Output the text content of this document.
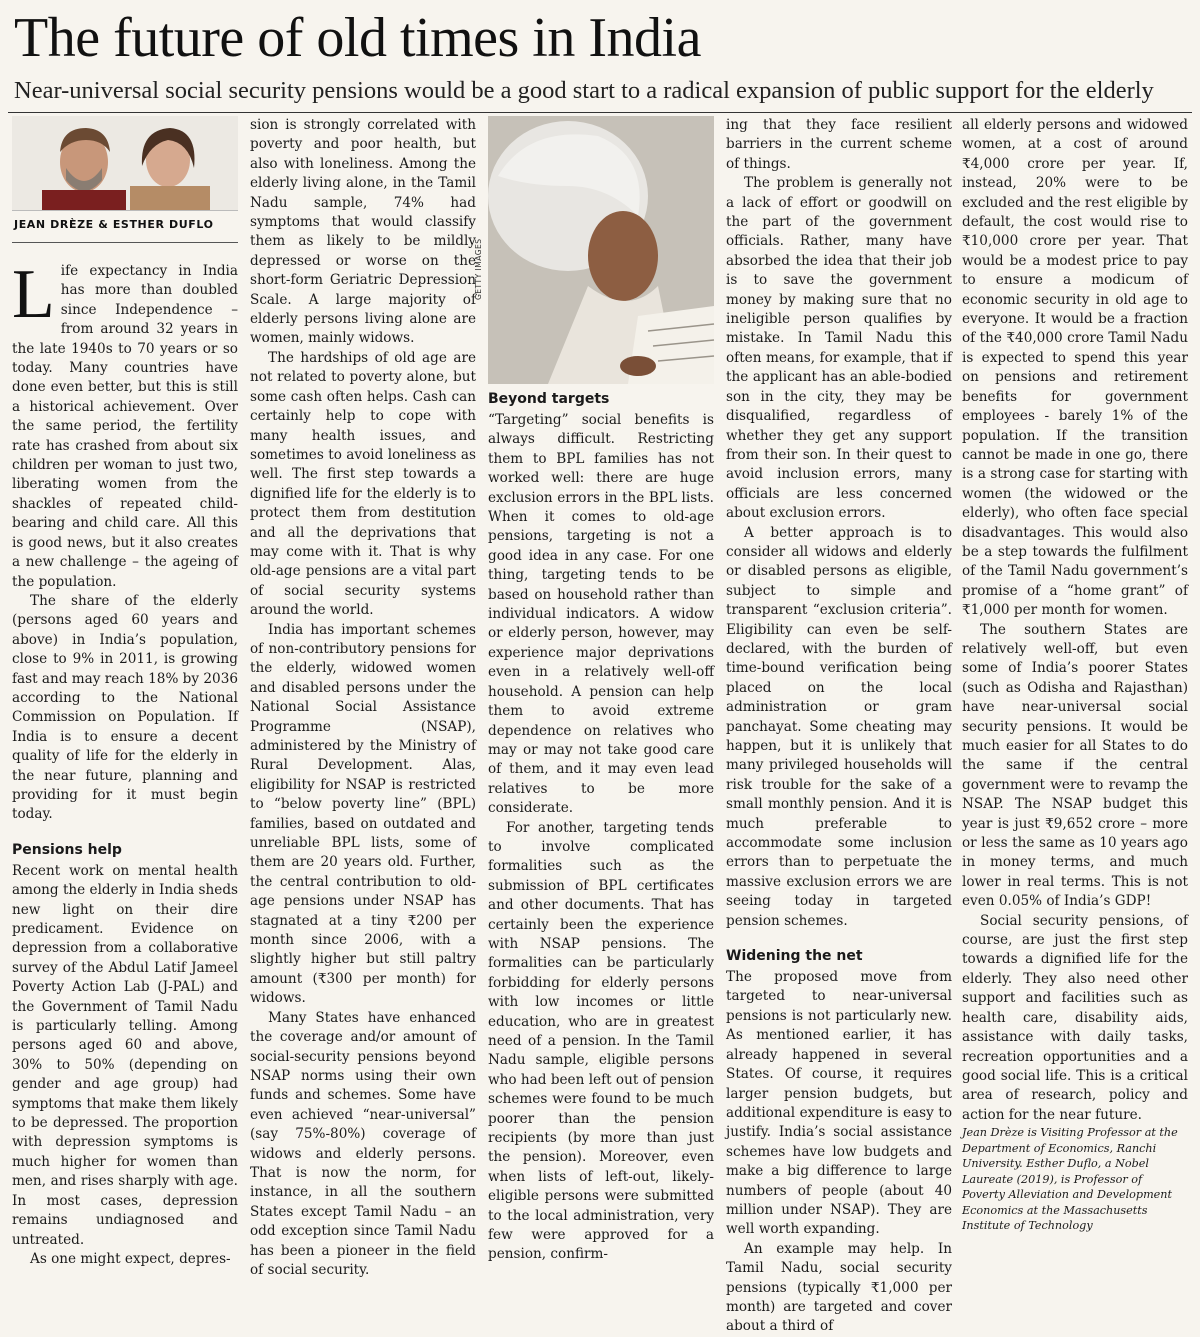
The future of old times in India

Near-universal social security pensions would be a good start to a radical expansion of public support for the elderly

JEAN DRÈZE & ESTHER DUFLO
GETTY IMAGES

Life expectancy in India has more than doubled since Independence – from around 32 years in the late 1940s to 70 years or so today. Many countries have done even better, but this is still a historical achievement. Over the same period, the fertility rate has crashed from about six children per woman to just two, liberating women from the shackles of repeated child-bearing and child care. All this is good news, but it also creates a new challenge – the ageing of the population.

The share of the elderly (persons aged 60 years and above) in India’s population, close to 9% in 2011, is growing fast and may reach 18% by 2036 according to the National Commission on Population. If India is to ensure a decent quality of life for the elderly in the near future, planning and providing for it must begin today.

Pensions help

Recent work on mental health among the elderly in India sheds new light on their dire predicament. Evidence on depression from a collaborative survey of the Abdul Latif Jameel Poverty Action Lab (J-PAL) and the Government of Tamil Nadu is particularly telling. Among persons aged 60 and above, 30% to 50% (depending on gender and age group) had symptoms that make them likely to be depressed. The proportion with depression symptoms is much higher for women than men, and rises sharply with age. In most cases, depression remains undiagnosed and untreated.

As one might expect, depres-

sion is strongly correlated with poverty and poor health, but also with loneliness. Among the elderly living alone, in the Tamil Nadu sample, 74% had symptoms that would classify them as likely to be mildly depressed or worse on the short-form Geriatric Depression Scale. A large majority of elderly persons living alone are women, mainly widows.

The hardships of old age are not related to poverty alone, but some cash often helps. Cash can certainly help to cope with many health issues, and sometimes to avoid loneliness as well. The first step towards a dignified life for the elderly is to protect them from destitution and all the deprivations that may come with it. That is why old-age pensions are a vital part of social security systems around the world.

India has important schemes of non-contributory pensions for the elderly, widowed women and disabled persons under the National Social Assistance Programme (NSAP), administered by the Ministry of Rural Development. Alas, eligibility for NSAP is restricted to “below poverty line” (BPL) families, based on outdated and unreliable BPL lists, some of them are 20 years old. Further, the central contribution to old-age pensions under NSAP has stagnated at a tiny ₹200 per month since 2006, with a slightly higher but still paltry amount (₹300 per month) for widows.

Many States have enhanced the coverage and/or amount of social-security pensions beyond NSAP norms using their own funds and schemes. Some have even achieved “near-universal” (say 75%-80%) coverage of widows and elderly persons. That is now the norm, for instance, in all the southern States except Tamil Nadu – an odd exception since Tamil Nadu has been a pioneer in the field of social security.

Beyond targets

“Targeting” social benefits is always difficult. Restricting them to BPL families has not worked well: there are huge exclusion errors in the BPL lists. When it comes to old-age pensions, targeting is not a good idea in any case. For one thing, targeting tends to be based on household rather than individual indicators. A widow or elderly person, however, may experience major deprivations even in a relatively well-off household. A pension can help them to avoid extreme dependence on relatives who may or may not take good care of them, and it may even lead relatives to be more considerate.

For another, targeting tends to involve complicated formalities such as the submission of BPL certificates and other documents. That has certainly been the experience with NSAP pensions. The formalities can be particularly forbidding for elderly persons with low incomes or little education, who are in greatest need of a pension. In the Tamil Nadu sample, eligible persons who had been left out of pension schemes were found to be much poorer than the pension recipients (by more than just the pension). Moreover, even when lists of left-out, likely-eligible persons were submitted to the local administration, very few were approved for a pension, confirm-

ing that they face resilient barriers in the current scheme of things.

The problem is generally not a lack of effort or goodwill on the part of the government officials. Rather, many have absorbed the idea that their job is to save the government money by making sure that no ineligible person qualifies by mistake. In Tamil Nadu this often means, for example, that if the applicant has an able-bodied son in the city, they may be disqualified, regardless of whether they get any support from their son. In their quest to avoid inclusion errors, many officials are less concerned about exclusion errors.

A better approach is to consider all widows and elderly or disabled persons as eligible, subject to simple and transparent “exclusion criteria”. Eligibility can even be self-declared, with the burden of time-bound verification being placed on the local administration or gram panchayat. Some cheating may happen, but it is unlikely that many privileged households will risk trouble for the sake of a small monthly pension. And it is much preferable to accommodate some inclusion errors than to perpetuate the massive exclusion errors we are seeing today in targeted pension schemes.

Widening the net

The proposed move from targeted to near-universal pensions is not particularly new. As mentioned earlier, it has already happened in several States. Of course, it requires larger pension budgets, but additional expenditure is easy to justify. India’s social assistance schemes have low budgets and make a big difference to large numbers of people (about 40 million under NSAP). They are well worth expanding.

An example may help. In Tamil Nadu, social security pensions (typically ₹1,000 per month) are targeted and cover about a third of

all elderly persons and widowed women, at a cost of around ₹4,000 crore per year. If, instead, 20% were to be excluded and the rest eligible by default, the cost would rise to ₹10,000 crore per year. That would be a modest price to pay to ensure a modicum of economic security in old age to everyone. It would be a fraction of the ₹40,000 crore Tamil Nadu is expected to spend this year on pensions and retirement benefits for government employees - barely 1% of the population. If the transition cannot be made in one go, there is a strong case for starting with women (the widowed or the elderly), who often face special disadvantages. This would also be a step towards the fulfilment of the Tamil Nadu government’s promise of a “home grant” of ₹1,000 per month for women.

The southern States are relatively well-off, but even some of India’s poorer States (such as Odisha and Rajasthan) have near-universal social security pensions. It would be much easier for all States to do the same if the central government were to revamp the NSAP. The NSAP budget this year is just ₹9,652 crore – more or less the same as 10 years ago in money terms, and much lower in real terms. This is not even 0.05% of India’s GDP!

Social security pensions, of course, are just the first step towards a dignified life for the elderly. They also need other support and facilities such as health care, disability aids, assistance with daily tasks, recreation opportunities and a good social life. This is a critical area of research, policy and action for the near future.

Jean Drèze is Visiting Professor at the Department of Economics, Ranchi University. Esther Duflo, a Nobel Laureate (2019), is Professor of Poverty Alleviation and Development Economics at the Massachusetts Institute of Technology
